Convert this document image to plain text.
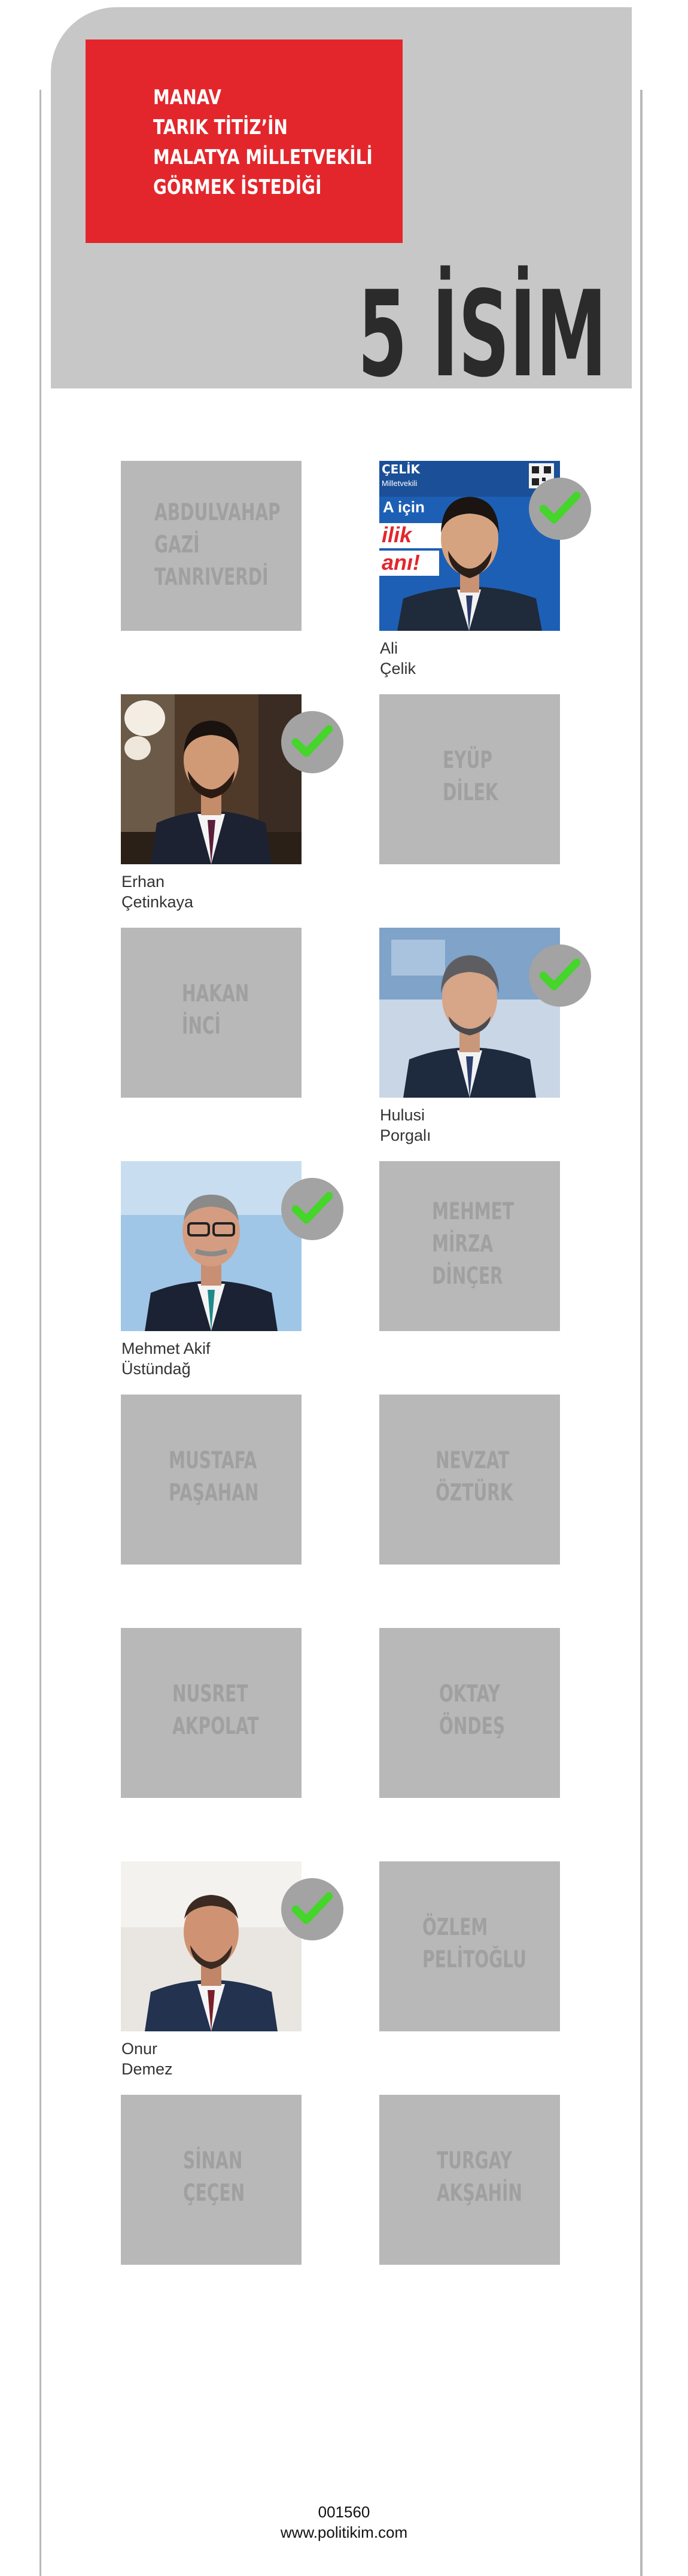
MANAV
TARIK TİTİZ’İN
MALATYA MİLLETVEKİLİ
GÖRMEK İSTEDİĞİ
5 İSİM
ABDULVAHAP
GAZİ
TANRIVERDİ
ÇELİK
Milletvekili
A için
ilik
anı!
Ali
Çelik
Erhan
Çetinkaya
EYÜP
DİLEK
HAKAN
İNCİ
Hulusi
Porgalı
Mehmet Akif
Üstündağ
MEHMET
MİRZA
DİNÇER
MUSTAFA
PAŞAHAN
NEVZAT
ÖZTÜRK
NUSRET
AKPOLAT
OKTAY
ÖNDEŞ
Onur
Demez
ÖZLEM
PELİTOĞLU
SİNAN
ÇEÇEN
TURGAY
AKŞAHİN
001560
www.politikim.com
